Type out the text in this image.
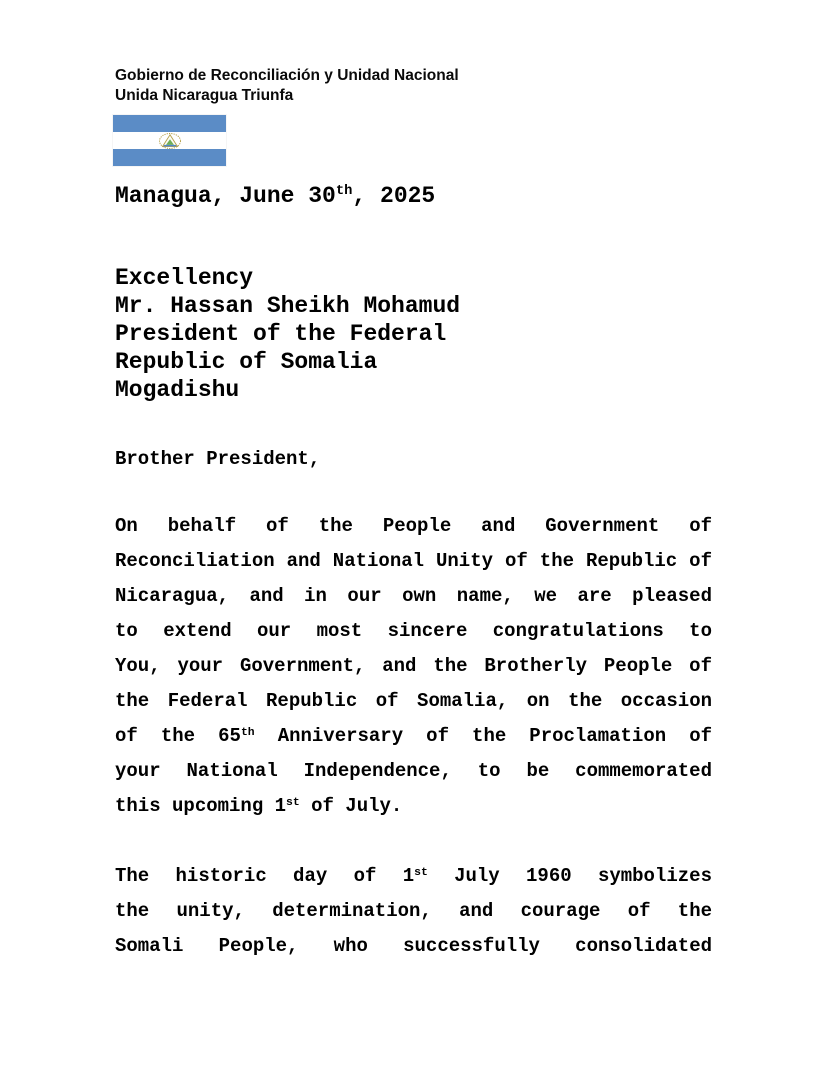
Gobierno de Reconciliación y Unidad Nacional
Unida Nicaragua Triunfa
Managua, June 30th, 2025
Excellency
Mr. Hassan Sheikh Mohamud
President of the Federal
Republic of Somalia
Mogadishu
Brother President,
On behalf of the People and Government of
Reconciliation and National Unity of the Republic of
Nicaragua, and in our own name, we are pleased
to extend our most sincere congratulations to
You, your Government, and the Brotherly People of
the Federal Republic of Somalia, on the occasion
of the 65th Anniversary of the Proclamation of
your National Independence, to be commemorated
this upcoming 1st of July.
The historic day of 1st July 1960 symbolizes
the unity, determination, and courage of the
Somali People, who successfully consolidated
